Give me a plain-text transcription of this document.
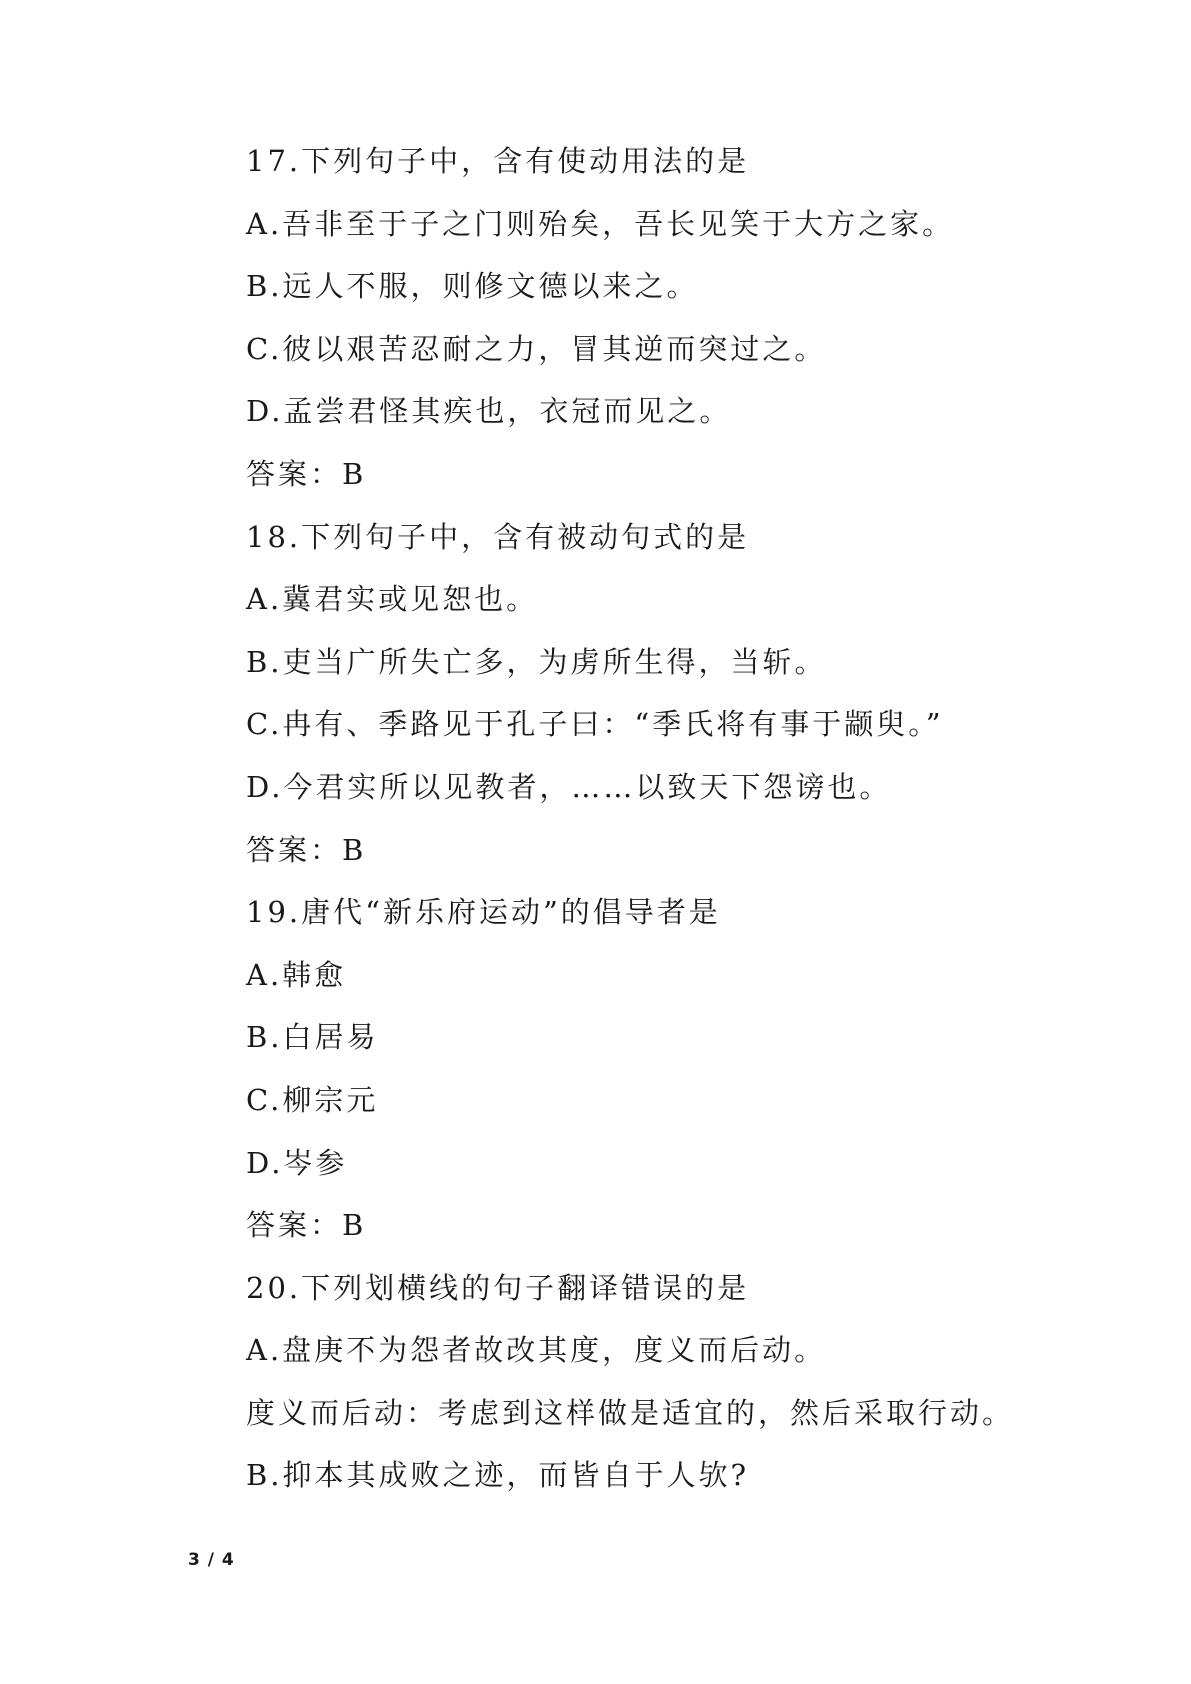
17.下列句子中，含有使动用法的是
A.吾非至于子之门则殆矣，吾长见笑于大方之家。
B.远人不服，则修文德以来之。
C.彼以艰苦忍耐之力，冒其逆而突过之。
D.孟尝君怪其疾也，衣冠而见之。
答案：B
18.下列句子中，含有被动句式的是
A.冀君实或见恕也。
B.吏当广所失亡多，为虏所生得，当斩。
C.冉有、季路见于孔子曰：“季氏将有事于颛臾。”
D.今君实所以见教者，……以致天下怨谤也。
答案：B
19.唐代“新乐府运动”的倡导者是
A.韩愈
B.白居易
C.柳宗元
D.岑参
答案：B
20.下列划横线的句子翻译错误的是
A.盘庚不为怨者故改其度，度义而后动。
度义而后动：考虑到这样做是适宜的，然后采取行动。
B.抑本其成败之迹，而皆自于人欤?
3 / 4
